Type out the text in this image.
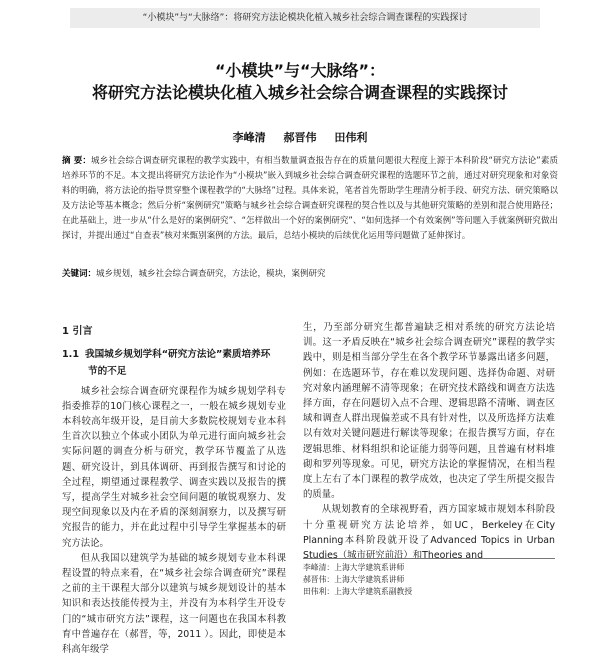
“小模块”与“大脉络”：将研究方法论模块化植入城乡社会综合调查课程的实践探讨
“小模块”与“大脉络”：
将研究方法论模块化植入城乡社会综合调查课程的实践探讨
李峰清 郝晋伟 田伟利
摘 要：城乡社会综合调查研究课程的教学实践中，有相当数量调查报告存在的质量问题很大程度上源于本科阶段“研究方法论”素质培养环节的不足。本文提出将研究方法论作为“小模块”嵌入到城乡社会综合调查研究课程的选题环节之前，通过对研究现象和对象资料的明确，将方法论的指导贯穿整个课程教学的“大脉络”过程。具体来说，笔者首先帮助学生理清分析手段、研究方法、研究策略以及方法论等基本概念；然后分析“案例研究”策略与城乡社会综合调查研究课程的契合性以及与其他研究策略的差别和混合使用路径；在此基础上，进一步从“什么是好的案例研究”、“怎样做出一个好的案例研究”、“如何选择一个有效案例”等问题入手就案例研究做出探讨，并提出通过“自查表”核对来甄别案例的方法。最后，总结小模块的后续优化运用等问题做了延伸探讨。
关键词：城乡规划，城乡社会综合调查研究，方法论，模块，案例研究
1 引言
1.1 我国城乡规划学科“研究方法论”素质培养环
节的不足

城乡社会综合调查研究课程作为城乡规划学科专指委推荐的10门核心课程之一，一般在城乡规划专业本科较高年级开设，是目前大多数院校规划专业本科生首次以独立个体或小团队为单元进行面向城乡社会实际问题的调查分析与研究，教学环节覆盖了从选题、研究设计，到具体调研、再到报告撰写和讨论的全过程，期望通过课程教学、调查实践以及报告的撰写，提高学生对城乡社会空间问题的敏锐观察力、发现空间现象以及内在矛盾的深刻洞察力，以及撰写研究报告的能力，并在此过程中引导学生掌握基本的研究方法论。

但从我国以建筑学为基础的城乡规划专业本科课程设置的特点来看，在“城乡社会综合调查研究”课程之前的主干课程大部分以建筑与城乡规划设计的基本知识和表达技能传授为主，并没有为本科学生开设专门的“城市研究方法”课程，这一问题也在我国本科教育中普遍存在（郝晋，等，2011 ）。因此，即使是本科高年级学

生，乃至部分研究生都普遍缺乏相对系统的研究方法论培训。这一矛盾反映在“城乡社会综合调查研究”课程的教学实践中，则是相当部分学生在各个教学环节暴露出诸多问题，例如：在选题环节，存在难以发现问题、选择伪命题、对研究对象内涵理解不清等现象；在研究技术路线和调查方法选择方面，存在问题切入点不合理、逻辑思路不清晰、调查区域和调查人群出现偏差或不具有针对性，以及所选择方法难以有效对关键问题进行解读等现象；在报告撰写方面，存在逻辑思维、材料组织和论证能力弱等问题，且普遍有材料堆砌和罗列等现象。可见，研究方法论的掌握情况，在相当程度上左右了本门课程的教学成效，也决定了学生所提交报告的质量。

从规划教育的全球视野看，西方国家城市规划本科阶段十分重视研究方法论培养，如UC，Berkeley在City Planning本科阶段就开设了Advanced Topics in Urban Studies（城市研究前沿）和Theories and

李峰清：上海大学建筑系讲师
郝晋伟：上海大学建筑系讲师
田伟利：上海大学建筑系副教授
